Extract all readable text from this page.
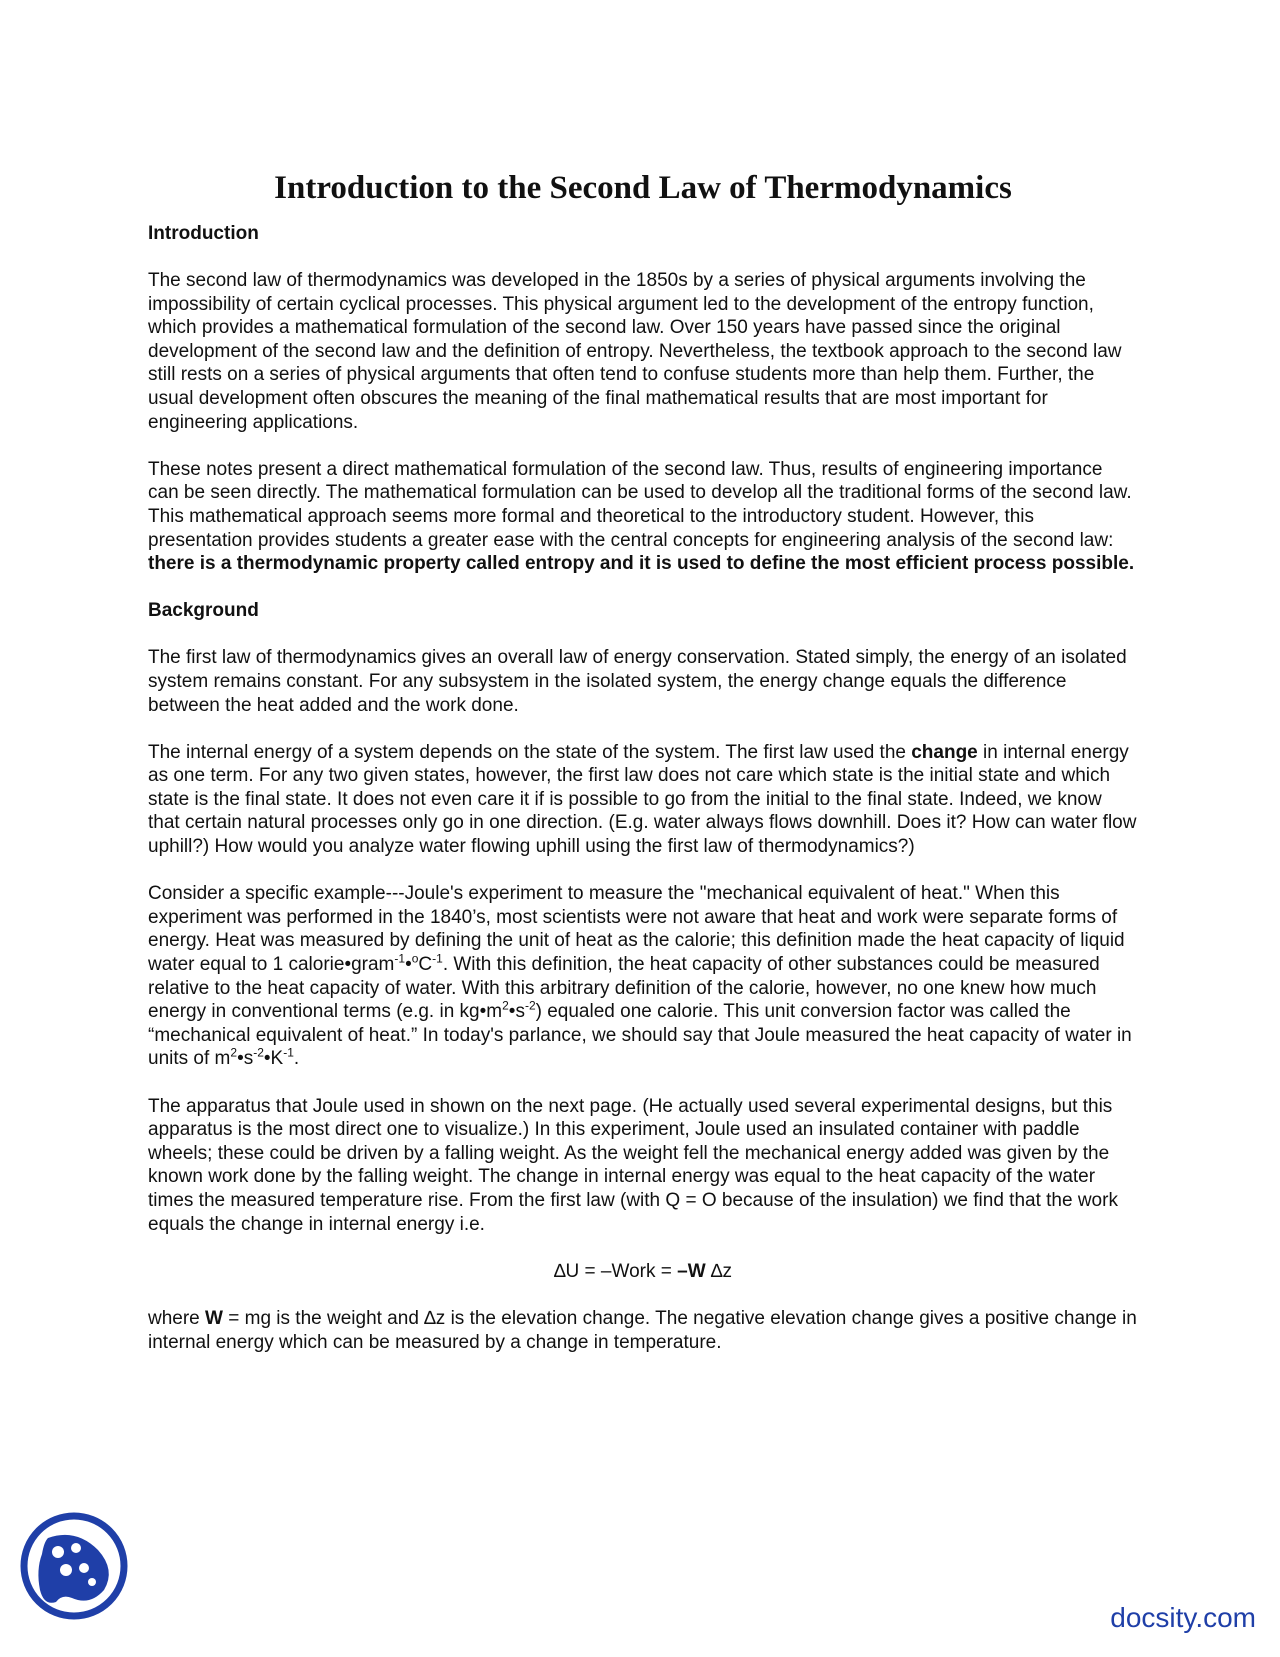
Introduction to the Second Law of Thermodynamics
Introduction

The second law of thermodynamics was developed in the 1850s by a series of physical arguments involving the impossibility of certain cyclical processes. This physical argument led to the development of the entropy function, which provides a mathematical formulation of the second law. Over 150 years have passed since the original development of the second law and the definition of entropy. Nevertheless, the textbook approach to the second law still rests on a series of physical arguments that often tend to confuse students more than help them. Further, the usual development often obscures the meaning of the final mathematical results that are most important for engineering applications.

These notes present a direct mathematical formulation of the second law. Thus, results of engineering importance can be seen directly. The mathematical formulation can be used to develop all the traditional forms of the second law. This mathematical approach seems more formal and theoretical to the introductory student. However, this presentation provides students a greater ease with the central concepts for engineering analysis of the second law: there is a thermodynamic property called entropy and it is used to define the most efficient process possible.

Background

The first law of thermodynamics gives an overall law of energy conservation. Stated simply, the energy of an isolated system remains constant. For any subsystem in the isolated system, the energy change equals the difference between the heat added and the work done.

The internal energy of a system depends on the state of the system. The first law used the change in internal energy as one term. For any two given states, however, the first law does not care which state is the initial state and which state is the final state. It does not even care it if is possible to go from the initial to the final state. Indeed, we know that certain natural processes only go in one direction. (E.g. water always flows downhill. Does it? How can water flow uphill?) How would you analyze water flowing uphill using the first law of thermodynamics?)

Consider a specific example---Joule's experiment to measure the "mechanical equivalent of heat." When this experiment was performed in the 1840’s, most scientists were not aware that heat and work were separate forms of energy. Heat was measured by defining the unit of heat as the calorie; this definition made the heat capacity of liquid water equal to 1 $calorie•gram^{-1}•^oC^{-1}$. With this definition, the heat capacity of other substances could be measured relative to the heat capacity of water. With this arbitrary definition of the calorie, however, no one knew how much energy in conventional terms (e.g. in $kg•m^2•s^{-2}$) equaled one calorie. This unit conversion factor was called the “mechanical equivalent of heat.” In today's parlance, we should say that Joule measured the heat capacity of water in units of $m^2•s^{-2}•K^{-1}$.

The apparatus that Joule used in shown on the next page. (He actually used several experimental designs, but this apparatus is the most direct one to visualize.) In this experiment, Joule used an insulated container with paddle wheels; these could be driven by a falling weight. As the weight fell the mechanical energy added was given by the known work done by the falling weight. The change in internal energy was equal to the heat capacity of the water times the measured temperature rise. From the first law (with Q = O because of the insulation) we find that the work equals the change in internal energy i.e.

∆U = –Work = –W ∆z

where W = mg is the weight and ∆z is the elevation change. The negative elevation change gives a positive change in internal energy which can be measured by a change in temperature.

docsity.com
